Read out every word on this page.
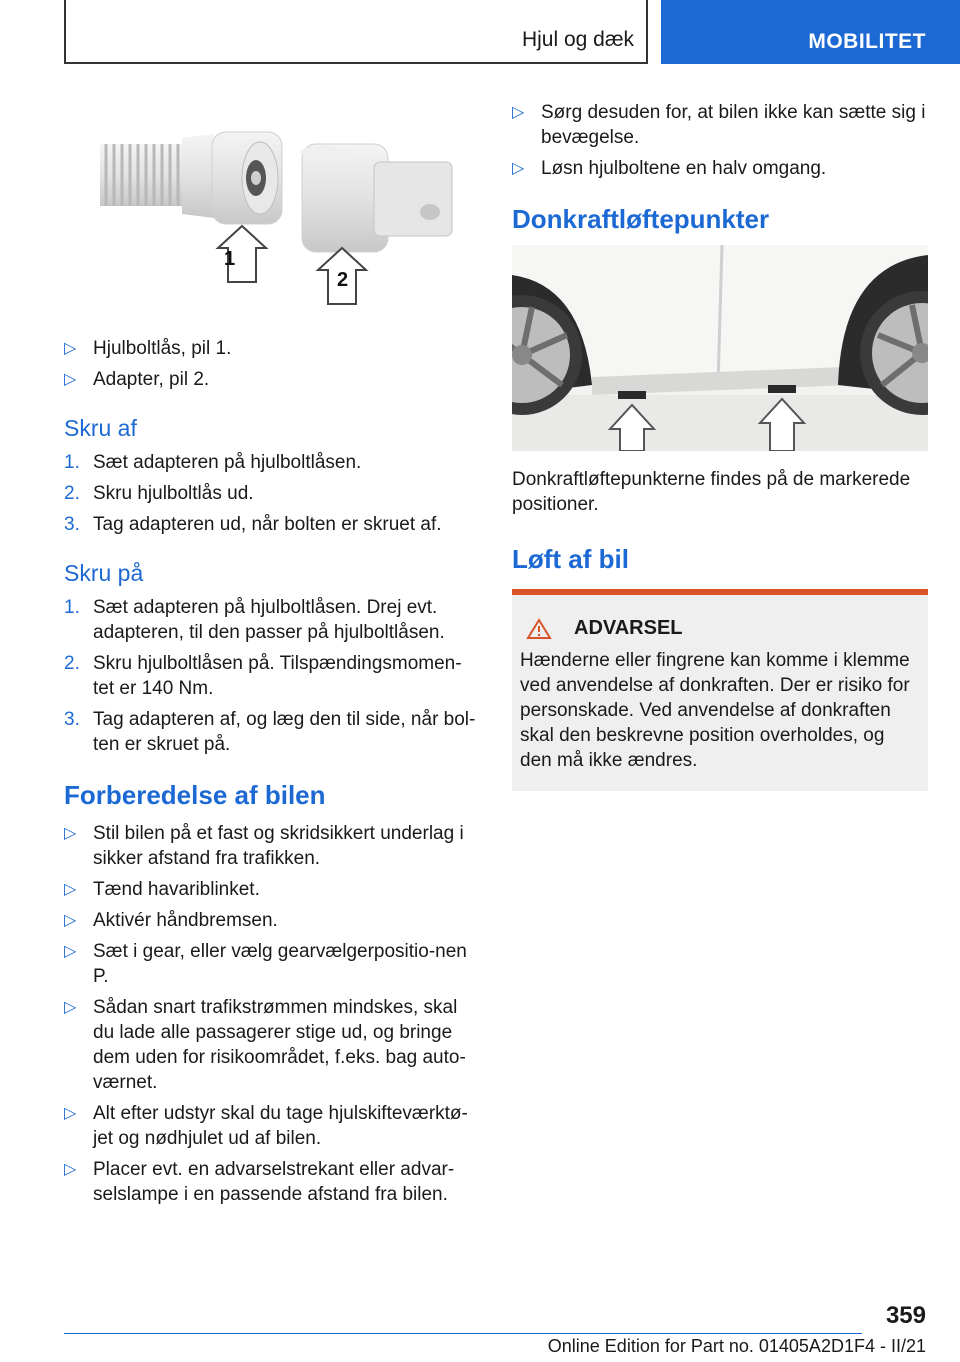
Hjul og dæk	MOBILITET
1
2
▷ Hjulboltlås, pil 1.
▷ Adapter, pil 2.
Skru af
1. Sæt adapteren på hjulboltlåsen.
2. Skru hjulboltlås ud.
3. Tag adapteren ud, når bolten er skruet af.
Skru på
1. Sæt adapteren på hjulboltlåsen. Drej evt. adapteren, til den passer på hjulboltlåsen.
2. Skru hjulboltlåsen på. Tilspændingsmomen-tet er 140 Nm.
3. Tag adapteren af, og læg den til side, når bol-ten er skruet på.
Forberedelse af bilen
▷ Stil bilen på et fast og skridsikkert underlag i sikker afstand fra trafikken.
▷ Tænd havariblinket.
▷ Aktivér håndbremsen.
▷ Sæt i gear, eller vælg gearvælgerpositio-nen P.
▷ Sådan snart trafikstrømmen mindskes, skal du lade alle passagerer stige ud, og bringe dem uden for risikoområdet, f.eks. bag auto-værnet.
▷ Alt efter udstyr skal du tage hjulskifteværktø-jet og nødhjulet ud af bilen.
▷ Placer evt. en advarselstrekant eller advar-selslampe i en passende afstand fra bilen.
▷ Sørg desuden for, at bilen ikke kan sætte sig i bevægelse.
▷ Løsn hjulboltene en halv omgang.
Donkraftløftepunkter
Donkraftløftepunkterne findes på de markerede positioner.
Løft af bil
ADVARSEL
Hænderne eller fingrene kan komme i klemme ved anvendelse af donkraften. Der er risiko for personskade. Ved anvendelse af donkraften skal den beskrevne position overholdes, og den må ikke ændres.
359
Online Edition for Part no. 01405A2D1F4 - II/21
